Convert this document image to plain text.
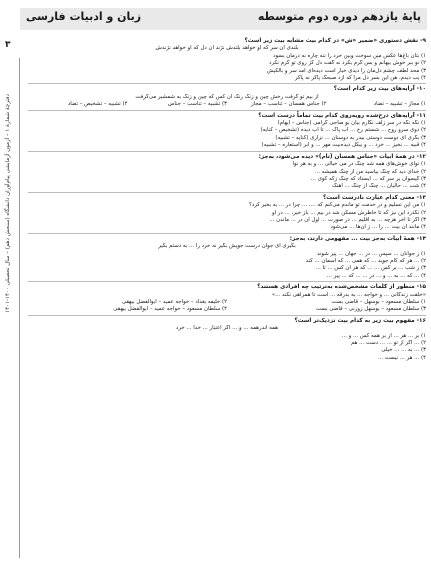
زبان و ادبیات فارسی	پایهٔ یازدهم دوره دوم متوسطه
۳
دفترچهٔ شمارهٔ ۱ – آزمون آزمایشی پیام‌آوران دانشگاه (سنجش دهم) – سال تحصیلی ۱۴۰۰-۱۴۰۱
۹- نقش دستوری «ضمیر «ش» در کدام بیت مشابه بیت زیر است؟
بلندی آن سر که او خواهد بلندش نژند آن دل که او خواهد نژندش
۱) بتان باغ‌ها عکس میں سوخت وبین خرد را ننه چاره نه درمان بسود
۲) نو ببر خوش بیهانم و بس گرم بکرد نه گفت دل کز روی تو گرم نکرد
۳) محد لطف چشم دل‌مان را دیدی خیار است دیده‌ای آمد سر و بالکیش
۴) یب دیدم، هن این بسر دل مرا که ازد صبحگ پاکر نه پاکر
۱۰- آرایه‌های بیت زیر کدام است؟
از بیم تو گرفت رخش چین و زنگ رنگ آن کس که چین و زنگ به شمشیر می‌گرفت
۱) مجاز – تشبیه – تضاد
۲) جناس همسان – تناسب – مجاز
۳) تشبیه – تناسب – جناس
۴) تشبیه – تشخیص – تضاد
۱۱- آرایه‌های درج‌شده روبه‌روی کدام بیت تماماً درست است؟
۱) نگه نگه در سر زلف نگارم بیان بو صاحی گرامی (جناس – ایهام)
۲) دوی سرو روح ... شستم رخ ... آب پاک ... تا آب دیده (تشخیص – کنایه)
۳) بگری ای دوست دوستی بیدر به دوسنان ... نزاری (کنایه – تشبیه)
۴) قبیه ... بخیز ... خرد ... و بیکل دیده‌بیت مهر ... و آبر (استعاره – تشبیه)
۱۲- در همهٔ ابیات «جناس همسان (تام)» دیده می‌شود، به‌جز:
۱) نوای خوش‌های همه شد چنگ در می خیالی ... و به هر نوا
۲) خدای دید که چنگ بیاسید من از چنگ همیشه ...
۳) گیسوان بر سر که ... ایستاد که چنگ زکه کوی ...
۴) شب ... حالیان ... چنگ از چنگ ... آهنگ
۱۳- معنی کدام عبارت نادرست است؟
۱) من این تسلیم و در خدمت تو ماندم می‌کنم که ...، ... چرا در ... به بخیر کرد؟
۲) نگذرد این نیز که تا خاطرش مسکن شد در بیم ... باز خیر، ... در او
۳) اگر تا آخر هرچه ... به اقلیم ... در صورت ... اول آن در ... ماندن ...
۴) مانند آن بیت ... را ... ز آن‌ها ... می‌شود
۱۴- همهٔ ابیات به‌جز بیت ... مفهومی دارند، به‌جز:
بگیری ای جوان درست جویش بگیر نه خرد را ... به دستم بگیر
۱) ز جوانان ... سپس ... در ... جهان ... پیر شوند
۲) ... هر که کام جوید ... که همی ... که اسمان ... کند
۳) ز شب ... بر کس ... ... که هر آن کس ... تا ...
۴) ... که ... به ... و ... در ... ... که ... پیر ...
۱۵- منظور از کلمات مشخص‌شده به‌ترتیب چه افرادی هستند؟
«خلقت زندگانی ... و خواجه ... به بدرقه ... است تا همراهی نکند ...»
۱) سلطان مسعود – بوسهل – قاضی بست
۲) خلیفه بغداد – خواجه عمید – ابوالفضل بیهقی
۳) سلطان مسعود – بوسهل زوزنی – قاضی بست
۴) سلطان مسعود – خواجه عمید – ابوالفضل بیهقی
۱۶- مفهوم بیت زیر به کدام بیت نزدیک‌تر است؟
همه اندرهمه ... و ... اگر اعتبار ... خدا ... خرد
۱) بر ... هر ... از بر همه کس ... و ...
۲) ... اگر از تو ... ... دست ... هم
۳) ... به ... ... خیلی
۴) ... هر ... نیست ...
